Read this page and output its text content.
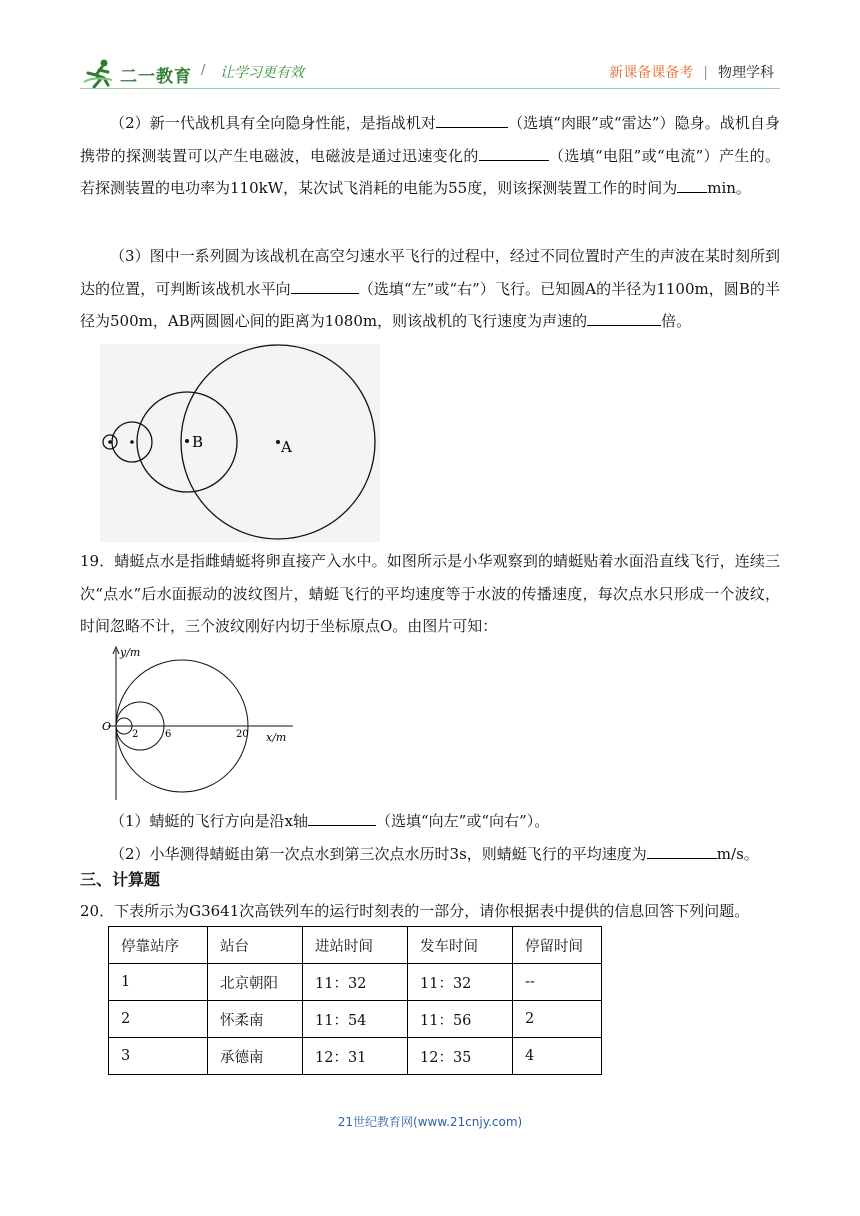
二一教育 / 让学习更有效	新课备课备考 | 物理学科

（2）新一代战机具有全向隐身性能，是指战机对	（选填“肉眼”或“雷达”）隐身。战机自身携带的探测装置可以产生电磁波，电磁波是通过迅速变化的	（选填“电阻”或“电流”）产生的。若探测装置的电功率为110kW，某次试飞消耗的电能为55度，则该探测装置工作的时间为 min。

（3）图中一系列圆为该战机在高空匀速水平飞行的过程中，经过不同位置时产生的声波在某时刻所到达的位置，可判断该战机水平向	（选填“左”或“右”）飞行。已知圆A的半径为1100m，圆B的半径为500m，AB两圆圆心间的距离为1080m，则该战机的飞行速度为声速的	倍。

B	A

19．蜻蜓点水是指雌蜻蜓将卵直接产入水中。如图所示是小华观察到的蜻蜓贴着水面沿直线飞行，连续三次“点水”后水面振动的波纹图片，蜻蜓飞行的平均速度等于水波的传播速度，每次点水只形成一个波纹，时间忽略不计，三个波纹刚好内切于坐标原点O。由图片可知：

y/m
O
2	6	20 x/m

（1）蜻蜓的飞行方向是沿x轴	（选填“向左”或“向右”）。

（2）小华测得蜻蜓由第一次点水到第三次点水历时3s，则蜻蜓飞行的平均速度为	m/s。

三、计算题

20．下表所示为G3641次高铁列车的运行时刻表的一部分，请你根据表中提供的信息回答下列问题。

停靠站序	站台	进站时间	发车时间	停留时间
1	北京朝阳	11：32	11：32	--
2	怀柔南	11：54	11：56	2
3	承德南	12：31	12：35	4
21世纪教育网(www.21cnjy.com)
